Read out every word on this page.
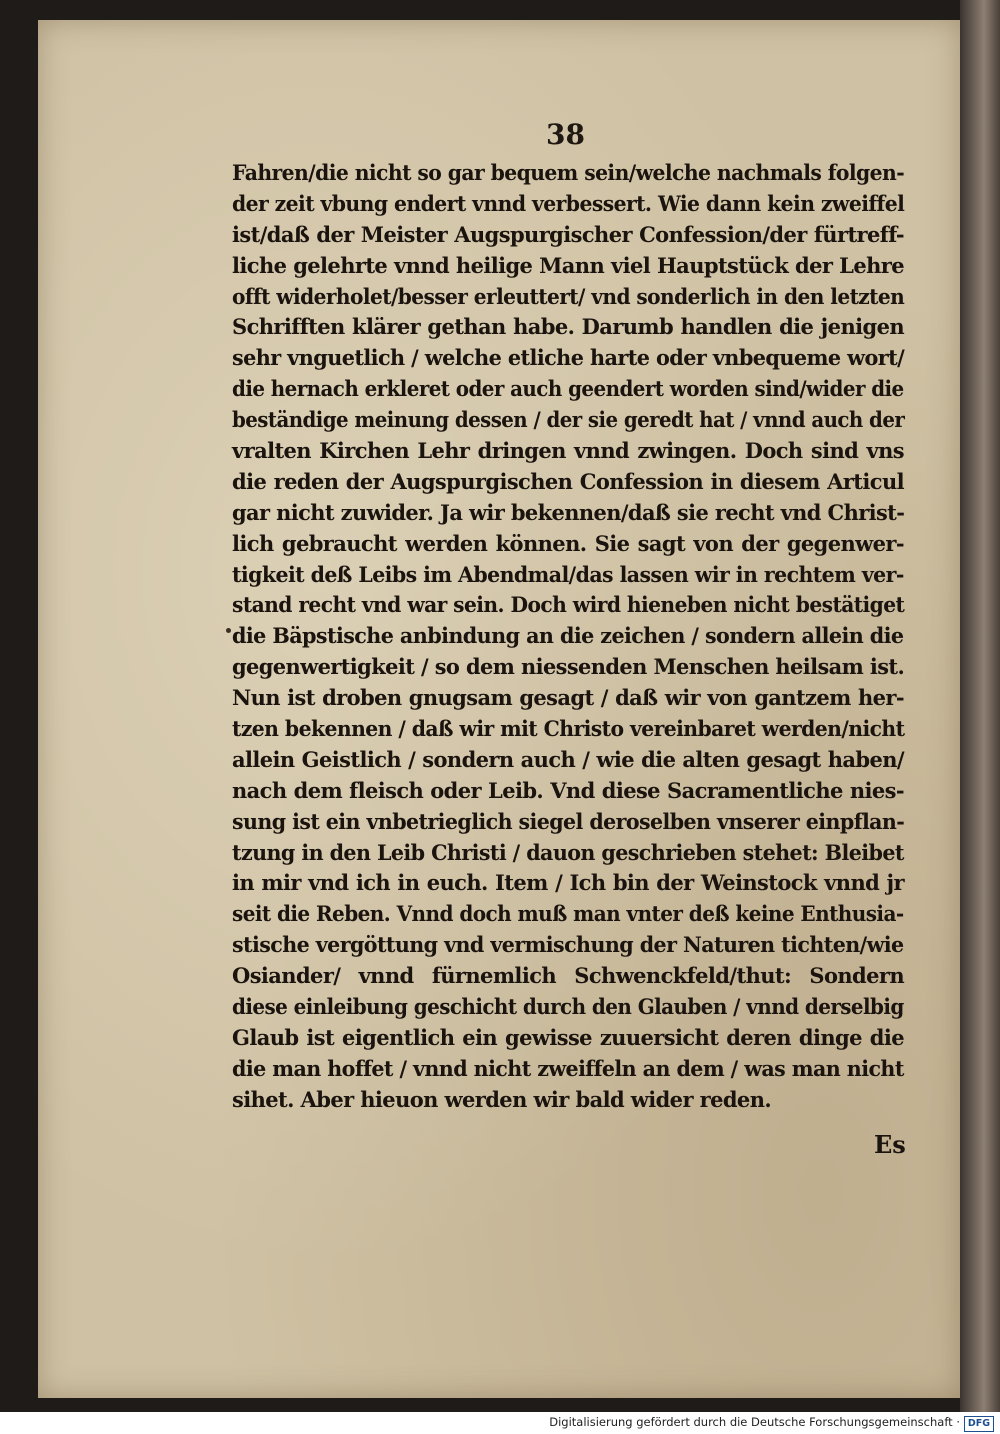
38
Fahren/die nicht so gar bequem sein/welche nachmals folgen-
der zeit vbung endert vnnd verbessert. Wie dann kein zweiffel
ist/daß der Meister Augspurgischer Confession/der fürtreff-
liche gelehrte vnnd heilige Mann viel Hauptstück der Lehre
offt widerholet/besser erleuttert/ vnd sonderlich in den letzten
Schrifften klärer gethan habe. Darumb handlen die jenigen
sehr vnguetlich / welche etliche harte oder vnbequeme wort/
die hernach erkleret oder auch geendert worden sind/wider die
beständige meinung dessen / der sie geredt hat / vnnd auch der
vralten Kirchen Lehr dringen vnnd zwingen. Doch sind vns
die reden der Augspurgischen Confession in diesem Articul
gar nicht zuwider. Ja wir bekennen/daß sie recht vnd Christ-
lich gebraucht werden können. Sie sagt von der gegenwer-
tigkeit deß Leibs im Abendmal/das lassen wir in rechtem ver-
stand recht vnd war sein. Doch wird hieneben nicht bestätiget
die Bäpstische anbindung an die zeichen / sondern allein die
gegenwertigkeit / so dem niessenden Menschen heilsam ist.
Nun ist droben gnugsam gesagt / daß wir von gantzem her-
tzen bekennen / daß wir mit Christo vereinbaret werden/nicht
allein Geistlich / sondern auch / wie die alten gesagt haben/
nach dem fleisch oder Leib. Vnd diese Sacramentliche nies-
sung ist ein vnbetrieglich siegel deroselben vnserer einpflan-
tzung in den Leib Christi / dauon geschrieben stehet: Bleibet
in mir vnd ich in euch. Item / Ich bin der Weinstock vnnd jr
seit die Reben. Vnnd doch muß man vnter deß keine Enthusia-
stische vergöttung vnd vermischung der Naturen tichten/wie
Osiander/ vnnd fürnemlich Schwenckfeld/thut: Sondern
diese einleibung geschicht durch den Glauben / vnnd derselbig
Glaub ist eigentlich ein gewisse zuuersicht deren dinge die
die man hoffet / vnnd nicht zweiffeln an dem / was man nicht
sihet. Aber hieuon werden wir bald wider reden.
Es
Digitalisierung gefördert durch die Deutsche Forschungsgemeinschaft · DFG
